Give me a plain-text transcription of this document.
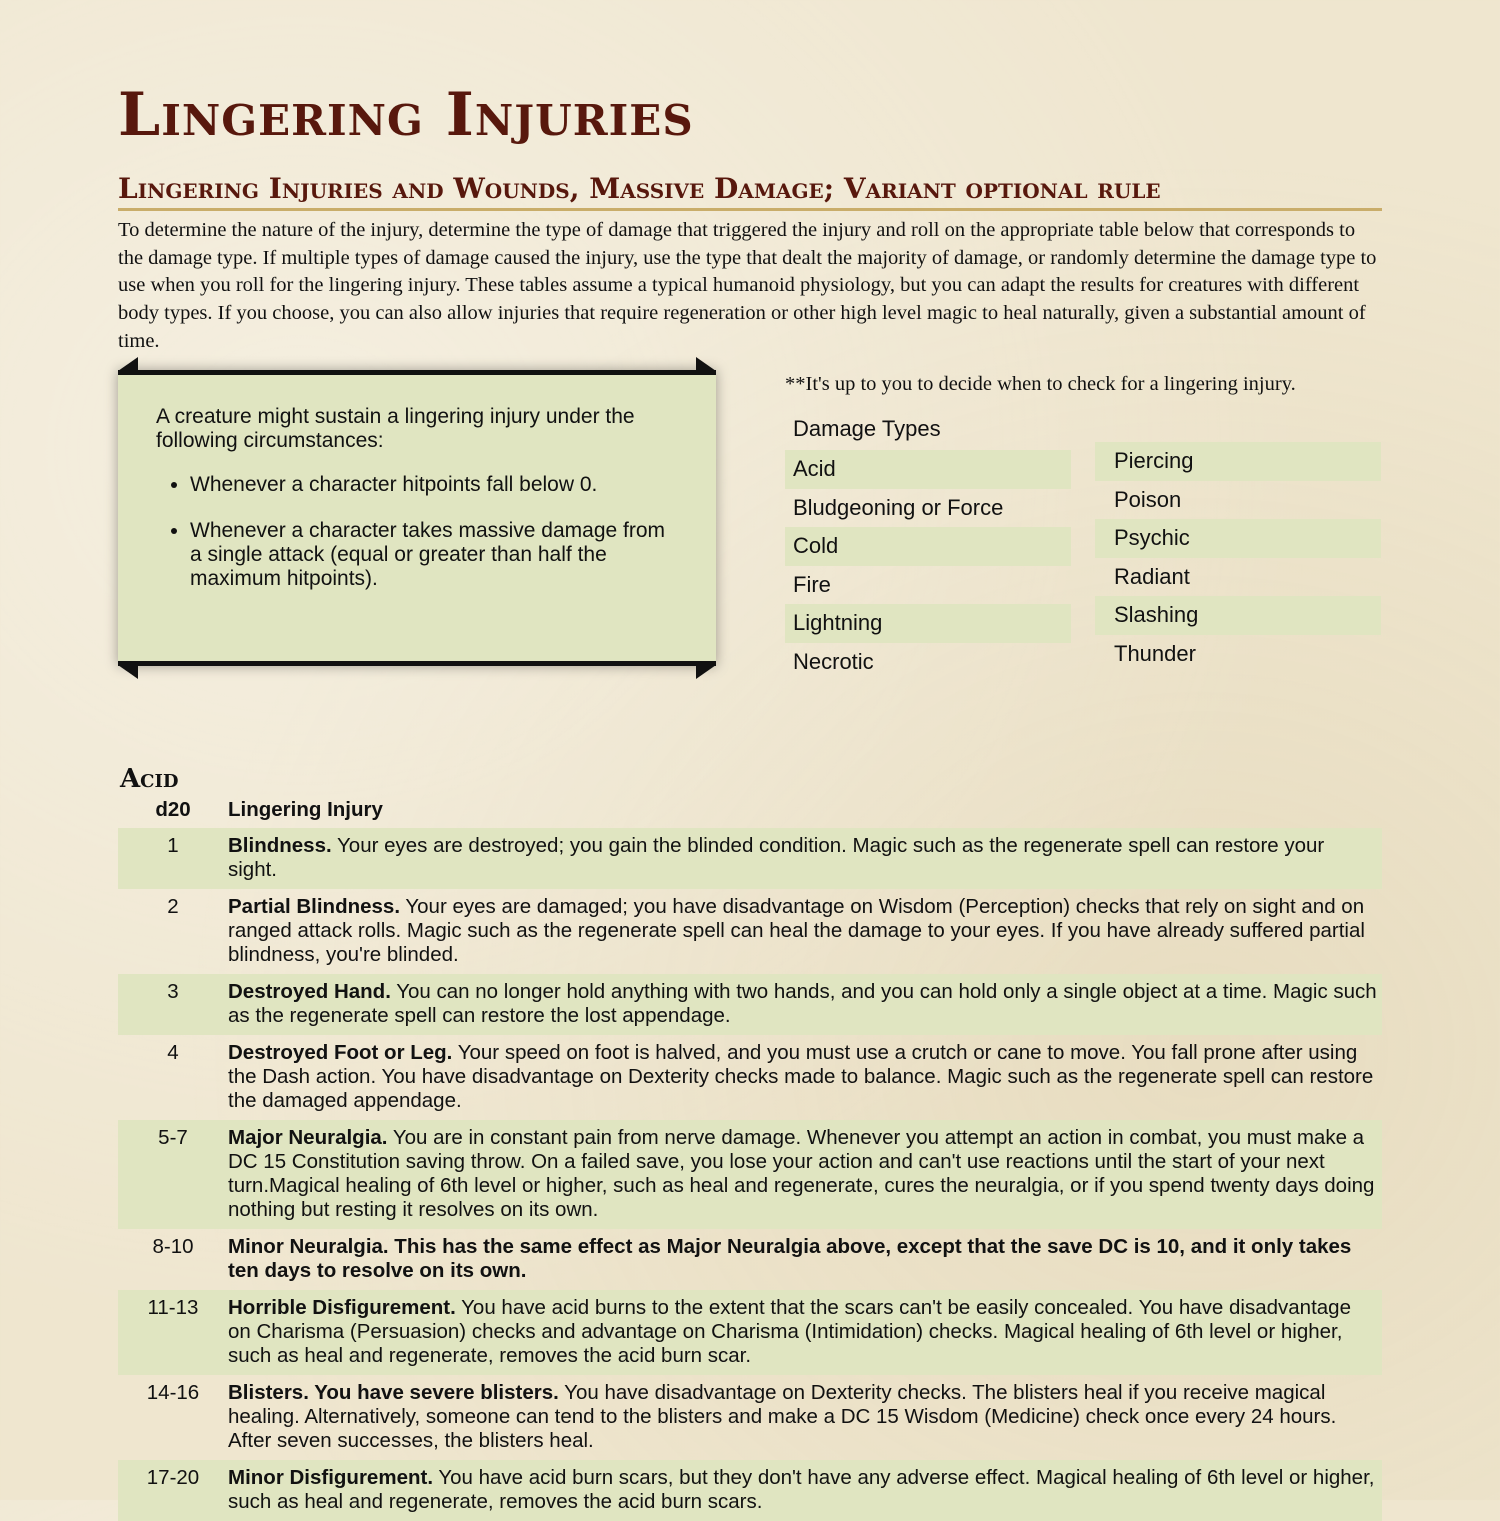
Lingering Injuries
Lingering Injuries and Wounds, Massive Damage; Variant optional rule

To determine the nature of the injury, determine the type of damage that triggered the injury and roll on the appropriate table below that corresponds to the damage type. If multiple types of damage caused the injury, use the type that dealt the majority of damage, or randomly determine the damage type to use when you roll for the lingering injury. These tables assume a typical humanoid physiology, but you can adapt the results for creatures with different body types. If you choose, you can also allow injuries that require regeneration or other high level magic to heal naturally, given a substantial amount of time.

A creature might sustain a lingering injury under the following circumstances:
• Whenever a character hitpoints fall below 0.
• Whenever a character takes massive damage from a single attack (equal or greater than half the maximum hitpoints).
**It's up to you to decide when to check for a lingering injury.
Damage Types
Acid
Bludgeoning or Force
Cold
Fire
Lightning
Necrotic
Piercing
Poison
Psychic
Radiant
Slashing
Thunder
Acid
d20	Lingering Injury
1	Blindness. Your eyes are destroyed; you gain the blinded condition. Magic such as the regenerate spell can restore your sight.
2	Partial Blindness. Your eyes are damaged; you have disadvantage on Wisdom (Perception) checks that rely on sight and on ranged attack rolls. Magic such as the regenerate spell can heal the damage to your eyes. If you have already suffered partial blindness, you're blinded.
3	Destroyed Hand. You can no longer hold anything with two hands, and you can hold only a single object at a time. Magic such as the regenerate spell can restore the lost appendage.
4	Destroyed Foot or Leg. Your speed on foot is halved, and you must use a crutch or cane to move. You fall prone after using the Dash action. You have disadvantage on Dexterity checks made to balance. Magic such as the regenerate spell can restore the damaged appendage.
5-7	Major Neuralgia. You are in constant pain from nerve damage. Whenever you attempt an action in combat, you must make a DC 15 Constitution saving throw. On a failed save, you lose your action and can't use reactions until the start of your next turn.Magical healing of 6th level or higher, such as heal and regenerate, cures the neuralgia, or if you spend twenty days doing nothing but resting it resolves on its own.
8-10	Minor Neuralgia. This has the same effect as Major Neuralgia above, except that the save DC is 10, and it only takes ten days to resolve on its own.
11-13	Horrible Disfigurement. You have acid burns to the extent that the scars can't be easily concealed. You have disadvantage on Charisma (Persuasion) checks and advantage on Charisma (Intimidation) checks. Magical healing of 6th level or higher, such as heal and regenerate, removes the acid burn scar.
14-16	Blisters. You have severe blisters. You have disadvantage on Dexterity checks. The blisters heal if you receive magical healing. Alternatively, someone can tend to the blisters and make a DC 15 Wisdom (Medicine) check once every 24 hours. After seven successes, the blisters heal.
17-20	Minor Disfigurement. You have acid burn scars, but they don't have any adverse effect. Magical healing of 6th level or higher, such as heal and regenerate, removes the acid burn scars.
